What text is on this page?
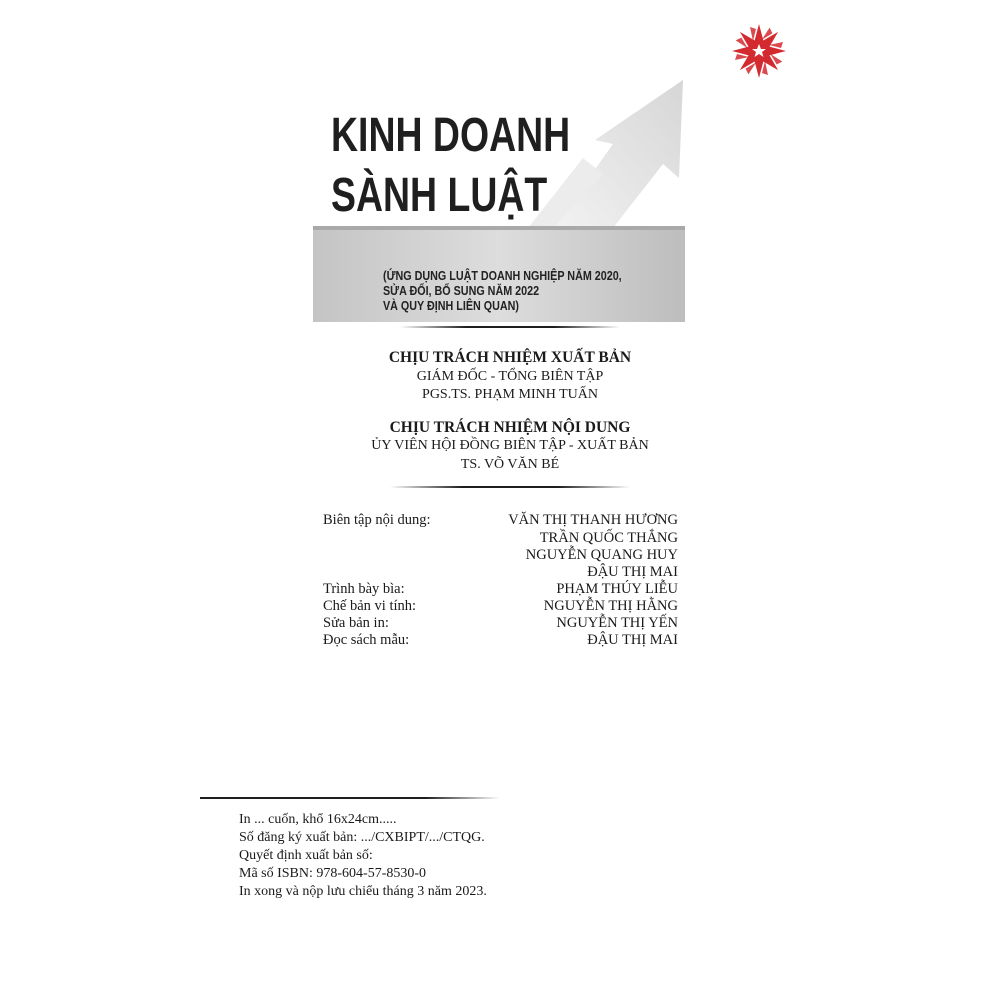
KINH DOANH
SÀNH LUẬT
(ỨNG DỤNG LUẬT DOANH NGHIỆP NĂM 2020,
SỬA ĐỔI, BỔ SUNG NĂM 2022
VÀ QUY ĐỊNH LIÊN QUAN)
CHỊU TRÁCH NHIỆM XUẤT BẢN
GIÁM ĐỐC - TỔNG BIÊN TẬP
PGS.TS. PHẠM MINH TUẤN
CHỊU TRÁCH NHIỆM NỘI DUNG
ỦY VIÊN HỘI ĐỒNG BIÊN TẬP - XUẤT BẢN
TS. VÕ VĂN BÉ
Biên tập nội dung:	VĂN THỊ THANH HƯƠNG
TRẦN QUỐC THẮNG
NGUYỄN QUANG HUY
ĐẬU THỊ MAI
Trình bày bìa:	PHẠM THÚY LIỄU
Chế bản vi tính:	NGUYỄN THỊ HẰNG
Sửa bản in:	NGUYỄN THỊ YẾN
Đọc sách mẫu:	ĐẬU THỊ MAI
In ... cuốn, khổ 16x24cm.....
Số đăng ký xuất bản: .../CXBIPT/.../CTQG.
Quyết định xuất bản số:
Mã số ISBN: 978-604-57-8530-0
In xong và nộp lưu chiểu tháng 3 năm 2023.
